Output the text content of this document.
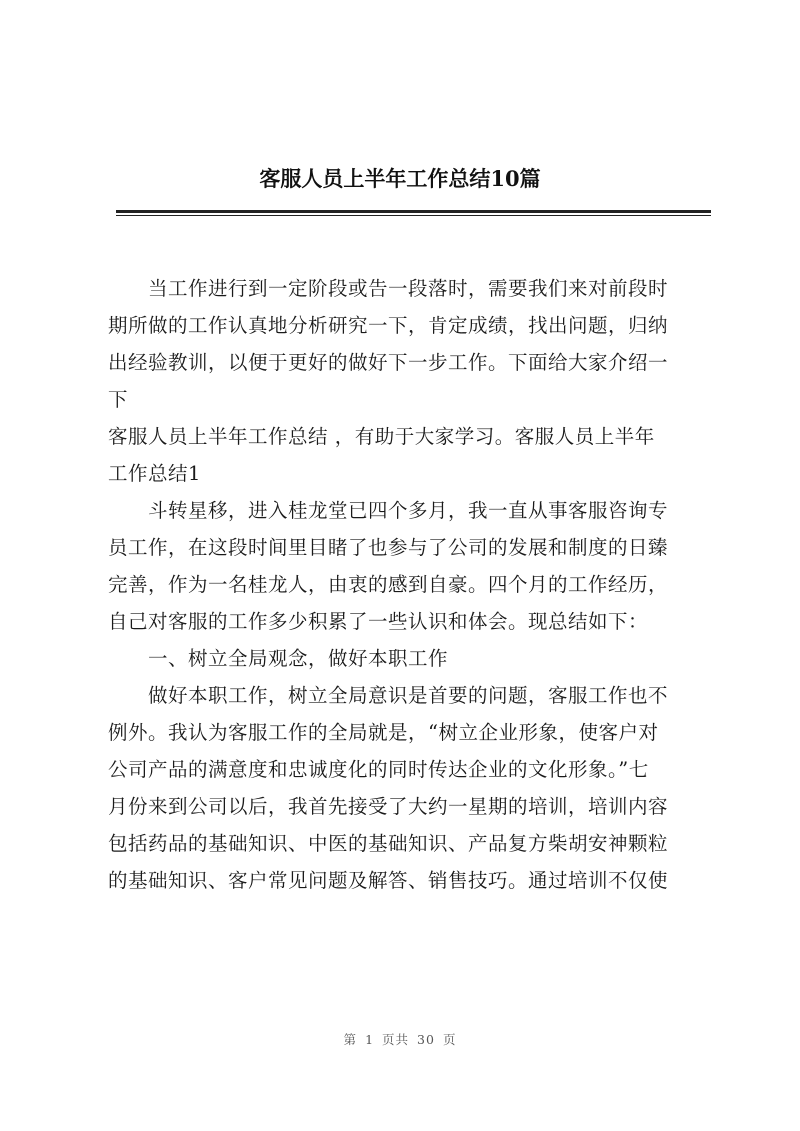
客服人员上半年工作总结10篇
　　当工作进行到一定阶段或告一段落时，需要我们来对前段时
期所做的工作认真地分析研究一下，肯定成绩，找出问题，归纳
出经验教训，以便于更好的做好下一步工作。下面给大家介绍一
下
客服人员上半年工作总结 ，有助于大家学习。客服人员上半年
工作总结1
　　斗转星移，进入桂龙堂已四个多月，我一直从事客服咨询专
员工作，在这段时间里目睹了也参与了公司的发展和制度的日臻
完善，作为一名桂龙人，由衷的感到自豪。四个月的工作经历，
自己对客服的工作多少积累了一些认识和体会。现总结如下：
　　一、树立全局观念，做好本职工作
　　做好本职工作，树立全局意识是首要的问题，客服工作也不
例外。我认为客服工作的全局就是，“树立企业形象，使客户对
公司产品的满意度和忠诚度化的同时传达企业的文化形象。”七
月份来到公司以后，我首先接受了大约一星期的培训，培训内容
包括药品的基础知识、中医的基础知识、产品复方柴胡安神颗粒
的基础知识、客户常见问题及解答、销售技巧。通过培训不仅使
第 1 页共 30 页
